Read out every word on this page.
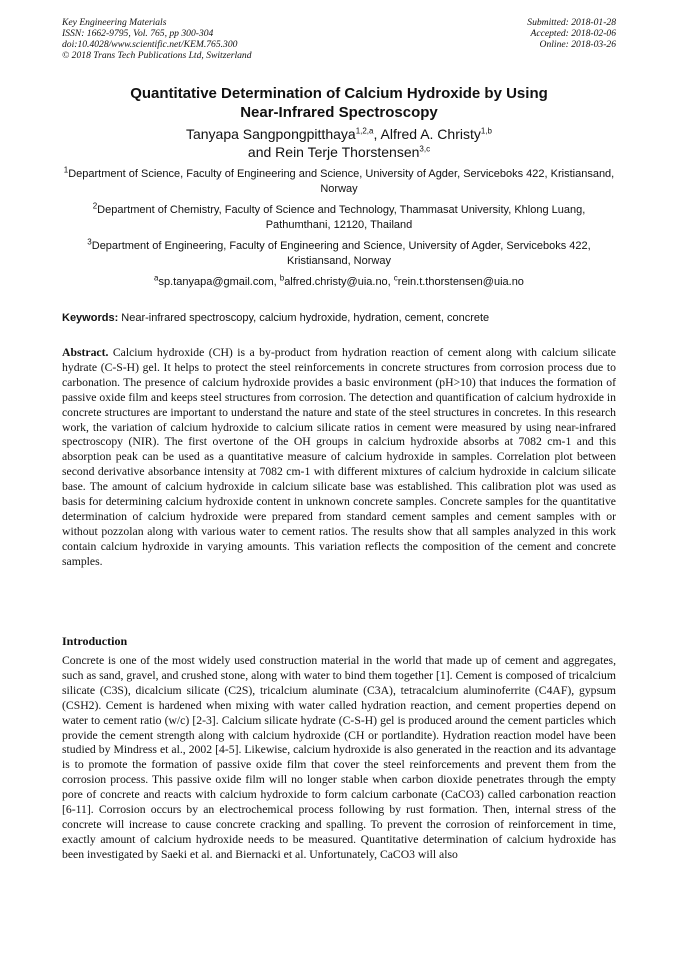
Key Engineering Materials
ISSN: 1662-9795, Vol. 765, pp 300-304
doi:10.4028/www.scientific.net/KEM.765.300
© 2018 Trans Tech Publications Ltd, Switzerland
Submitted: 2018-01-28
Accepted: 2018-02-06
Online: 2018-03-26
Quantitative Determination of Calcium Hydroxide by Using
Near-Infrared Spectroscopy
Tanyapa Sangpongpitthaya$^{1,2,a}$, Alfred A. Christy$^{1,b}$
and Rein Terje Thorstensen$^{3,c}$
$^1$Department of Science, Faculty of Engineering and Science, University of Agder, Serviceboks 422, Kristiansand, Norway
$^2$Department of Chemistry, Faculty of Science and Technology, Thammasat University, Khlong Luang, Pathumthani, 12120, Thailand
$^3$Department of Engineering, Faculty of Engineering and Science, University of Agder, Serviceboks 422, Kristiansand, Norway
$^a$sp.tanyapa@gmail.com, $^b$alfred.christy@uia.no, $^c$rein.t.thorstensen@uia.no
Keywords: Near-infrared spectroscopy, calcium hydroxide, hydration, cement, concrete
Abstract. Calcium hydroxide (CH) is a by-product from hydration reaction of cement along with calcium silicate hydrate (C-S-H) gel. It helps to protect the steel reinforcements in concrete structures from corrosion process due to carbonation. The presence of calcium hydroxide provides a basic environment (pH>10) that induces the formation of passive oxide film and keeps steel structures from corrosion. The detection and quantification of calcium hydroxide in concrete structures are important to understand the nature and state of the steel structures in concretes. In this research work, the variation of calcium hydroxide to calcium silicate ratios in cement were measured by using near-infrared spectroscopy (NIR). The first overtone of the OH groups in calcium hydroxide absorbs at 7082 cm-1 and this absorption peak can be used as a quantitative measure of calcium hydroxide in samples. Correlation plot between second derivative absorbance intensity at 7082 cm-1 with different mixtures of calcium hydroxide in calcium silicate base. The amount of calcium hydroxide in calcium silicate base was established. This calibration plot was used as basis for determining calcium hydroxide content in unknown concrete samples. Concrete samples for the quantitative determination of calcium hydroxide were prepared from standard cement samples and cement samples with or without pozzolan along with various water to cement ratios. The results show that all samples analyzed in this work contain calcium hydroxide in varying amounts. This variation reflects the composition of the cement and concrete samples.
Introduction
Concrete is one of the most widely used construction material in the world that made up of cement and aggregates, such as sand, gravel, and crushed stone, along with water to bind them together [1]. Cement is composed of tricalcium silicate (C3S), dicalcium silicate (C2S), tricalcium aluminate (C3A), tetracalcium aluminoferrite (C4AF), gypsum (CSH2). Cement is hardened when mixing with water called hydration reaction, and cement properties depend on water to cement ratio (w/c) [2-3]. Calcium silicate hydrate (C-S-H) gel is produced around the cement particles which provide the cement strength along with calcium hydroxide (CH or portlandite). Hydration reaction model have been studied by Mindress et al., 2002 [4-5]. Likewise, calcium hydroxide is also generated in the reaction and its advantage is to promote the formation of passive oxide film that cover the steel reinforcements and prevent them from the corrosion process. This passive oxide film will no longer stable when carbon dioxide penetrates through the empty pore of concrete and reacts with calcium hydroxide to form calcium carbonate (CaCO3) called carbonation reaction [6-11]. Corrosion occurs by an electrochemical process following by rust formation. Then, internal stress of the concrete will increase to cause concrete cracking and spalling. To prevent the corrosion of reinforcement in time, exactly amount of calcium hydroxide needs to be measured. Quantitative determination of calcium hydroxide has been investigated by Saeki et al. and Biernacki et al. Unfortunately, CaCO3 will also
